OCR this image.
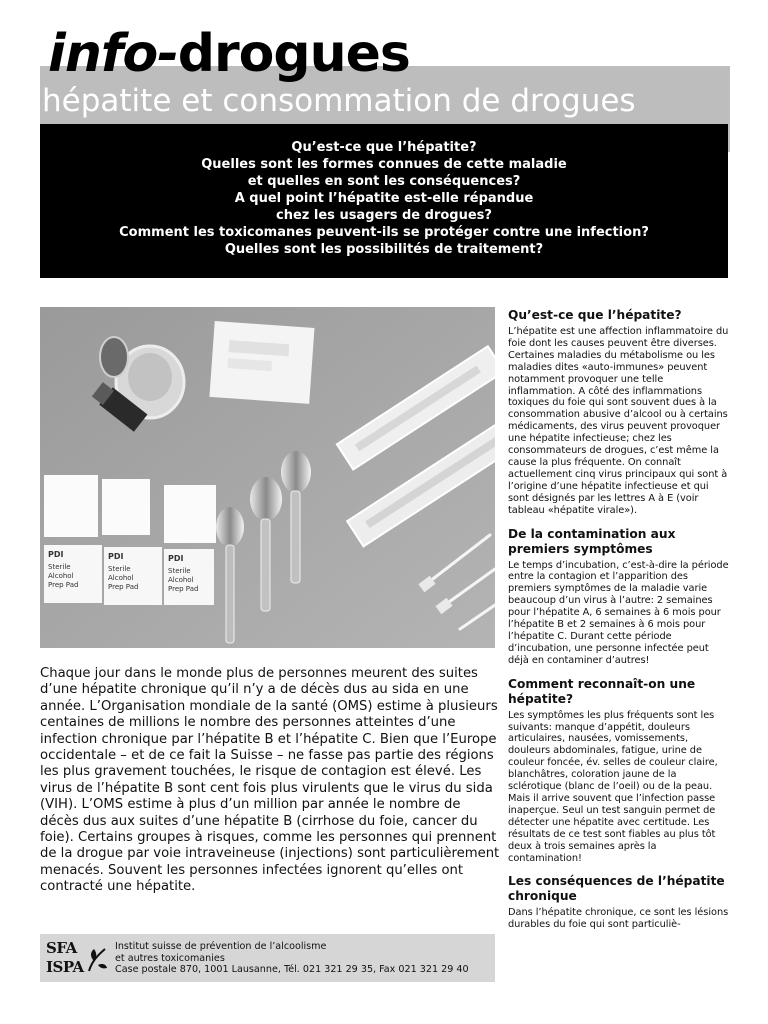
info-drogues
hépatite et consommation de drogues
Qu’est-ce que l’hépatite?
Quelles sont les formes connues de cette maladie
et quelles en sont les conséquences?
A quel point l’hépatite est-elle répandue
chez les usagers de drogues?
Comment les toxicomanes peuvent-ils se protéger contre une infection?
Quelles sont les possibilités de traitement?
PDI
Sterile
Alcohol
Prep Pad
PDI
Sterile
Alcohol
Prep Pad
PDI
Sterile
Alcohol
Prep Pad

Chaque jour dans le monde plus de personnes meurent des suites d’une hépatite chronique qu’il n’y a de décès dus au sida en une année. L’Organisation mondiale de la santé (OMS) estime à plusieurs centaines de millions le nombre des personnes atteintes d’une infection chronique par l’hépatite B et l’hépatite C. Bien que l’Europe occidentale – et de ce fait la Suisse – ne fasse pas partie des régions les plus gravement touchées, le risque de contagion est élevé. Les virus de l’hépatite B sont cent fois plus virulents que le virus du sida (VIH). L’OMS estime à plus d’un million par année le nombre de décès dus aux suites d’une hépatite B (cirrhose du foie, cancer du foie). Certains groupes à risques, comme les personnes qui prennent de la drogue par voie intraveineuse (injections) sont particulièrement menacés. Souvent les personnes infectées ignorent qu’elles ont contracté une hépatite.

SFA
ISPA
Institut suisse de prévention de l’alcoolisme
et autres toxicomanies
Case postale 870, 1001 Lausanne, Tél. 021 321 29 35, Fax 021 321 29 40
Qu’est-ce que l’hépatite?

L’hépatite est une affection inflammatoire du foie dont les causes peuvent être diverses. Certaines maladies du métabolisme ou les maladies dites «auto-immunes» peuvent notamment provoquer une telle inflammation. A côté des inflammations toxiques du foie qui sont souvent dues à la consommation abusive d’alcool ou à certains médicaments, des virus peuvent provoquer une hépatite infectieuse; chez les consommateurs de drogues, c’est même la cause la plus fréquente. On connaît actuellement cinq virus principaux qui sont à l’origine d’une hépatite infectieuse et qui sont désignés par les lettres A à E (voir tableau «hépatite virale»).

De la contamination aux premiers symptômes

Le temps d’incubation, c’est-à-dire la période entre la contagion et l’apparition des premiers symptômes de la maladie varie beaucoup d’un virus à l’autre: 2 semaines pour l’hépatite A, 6 semaines à 6 mois pour l’hépatite B et 2 semaines à 6 mois pour l’hépatite C. Durant cette période d’incubation, une personne infectée peut déjà en contaminer d’autres!

Comment reconnaît-on une hépatite?

Les symptômes les plus fréquents sont les suivants: manque d’appétit, douleurs articulaires, nausées, vomissements, douleurs abdominales, fatigue, urine de couleur foncée, év. selles de couleur claire, blanchâtres, coloration jaune de la sclérotique (blanc de l’oeil) ou de la peau. Mais il arrive souvent que l’infection passe inaperçue. Seul un test sanguin permet de détecter une hépatite avec certitude. Les résultats de ce test sont fiables au plus tôt deux à trois semaines après la contamination!

Les conséquences de l’hépatite chronique

Dans l’hépatite chronique, ce sont les lésions durables du foie qui sont particuliè-
